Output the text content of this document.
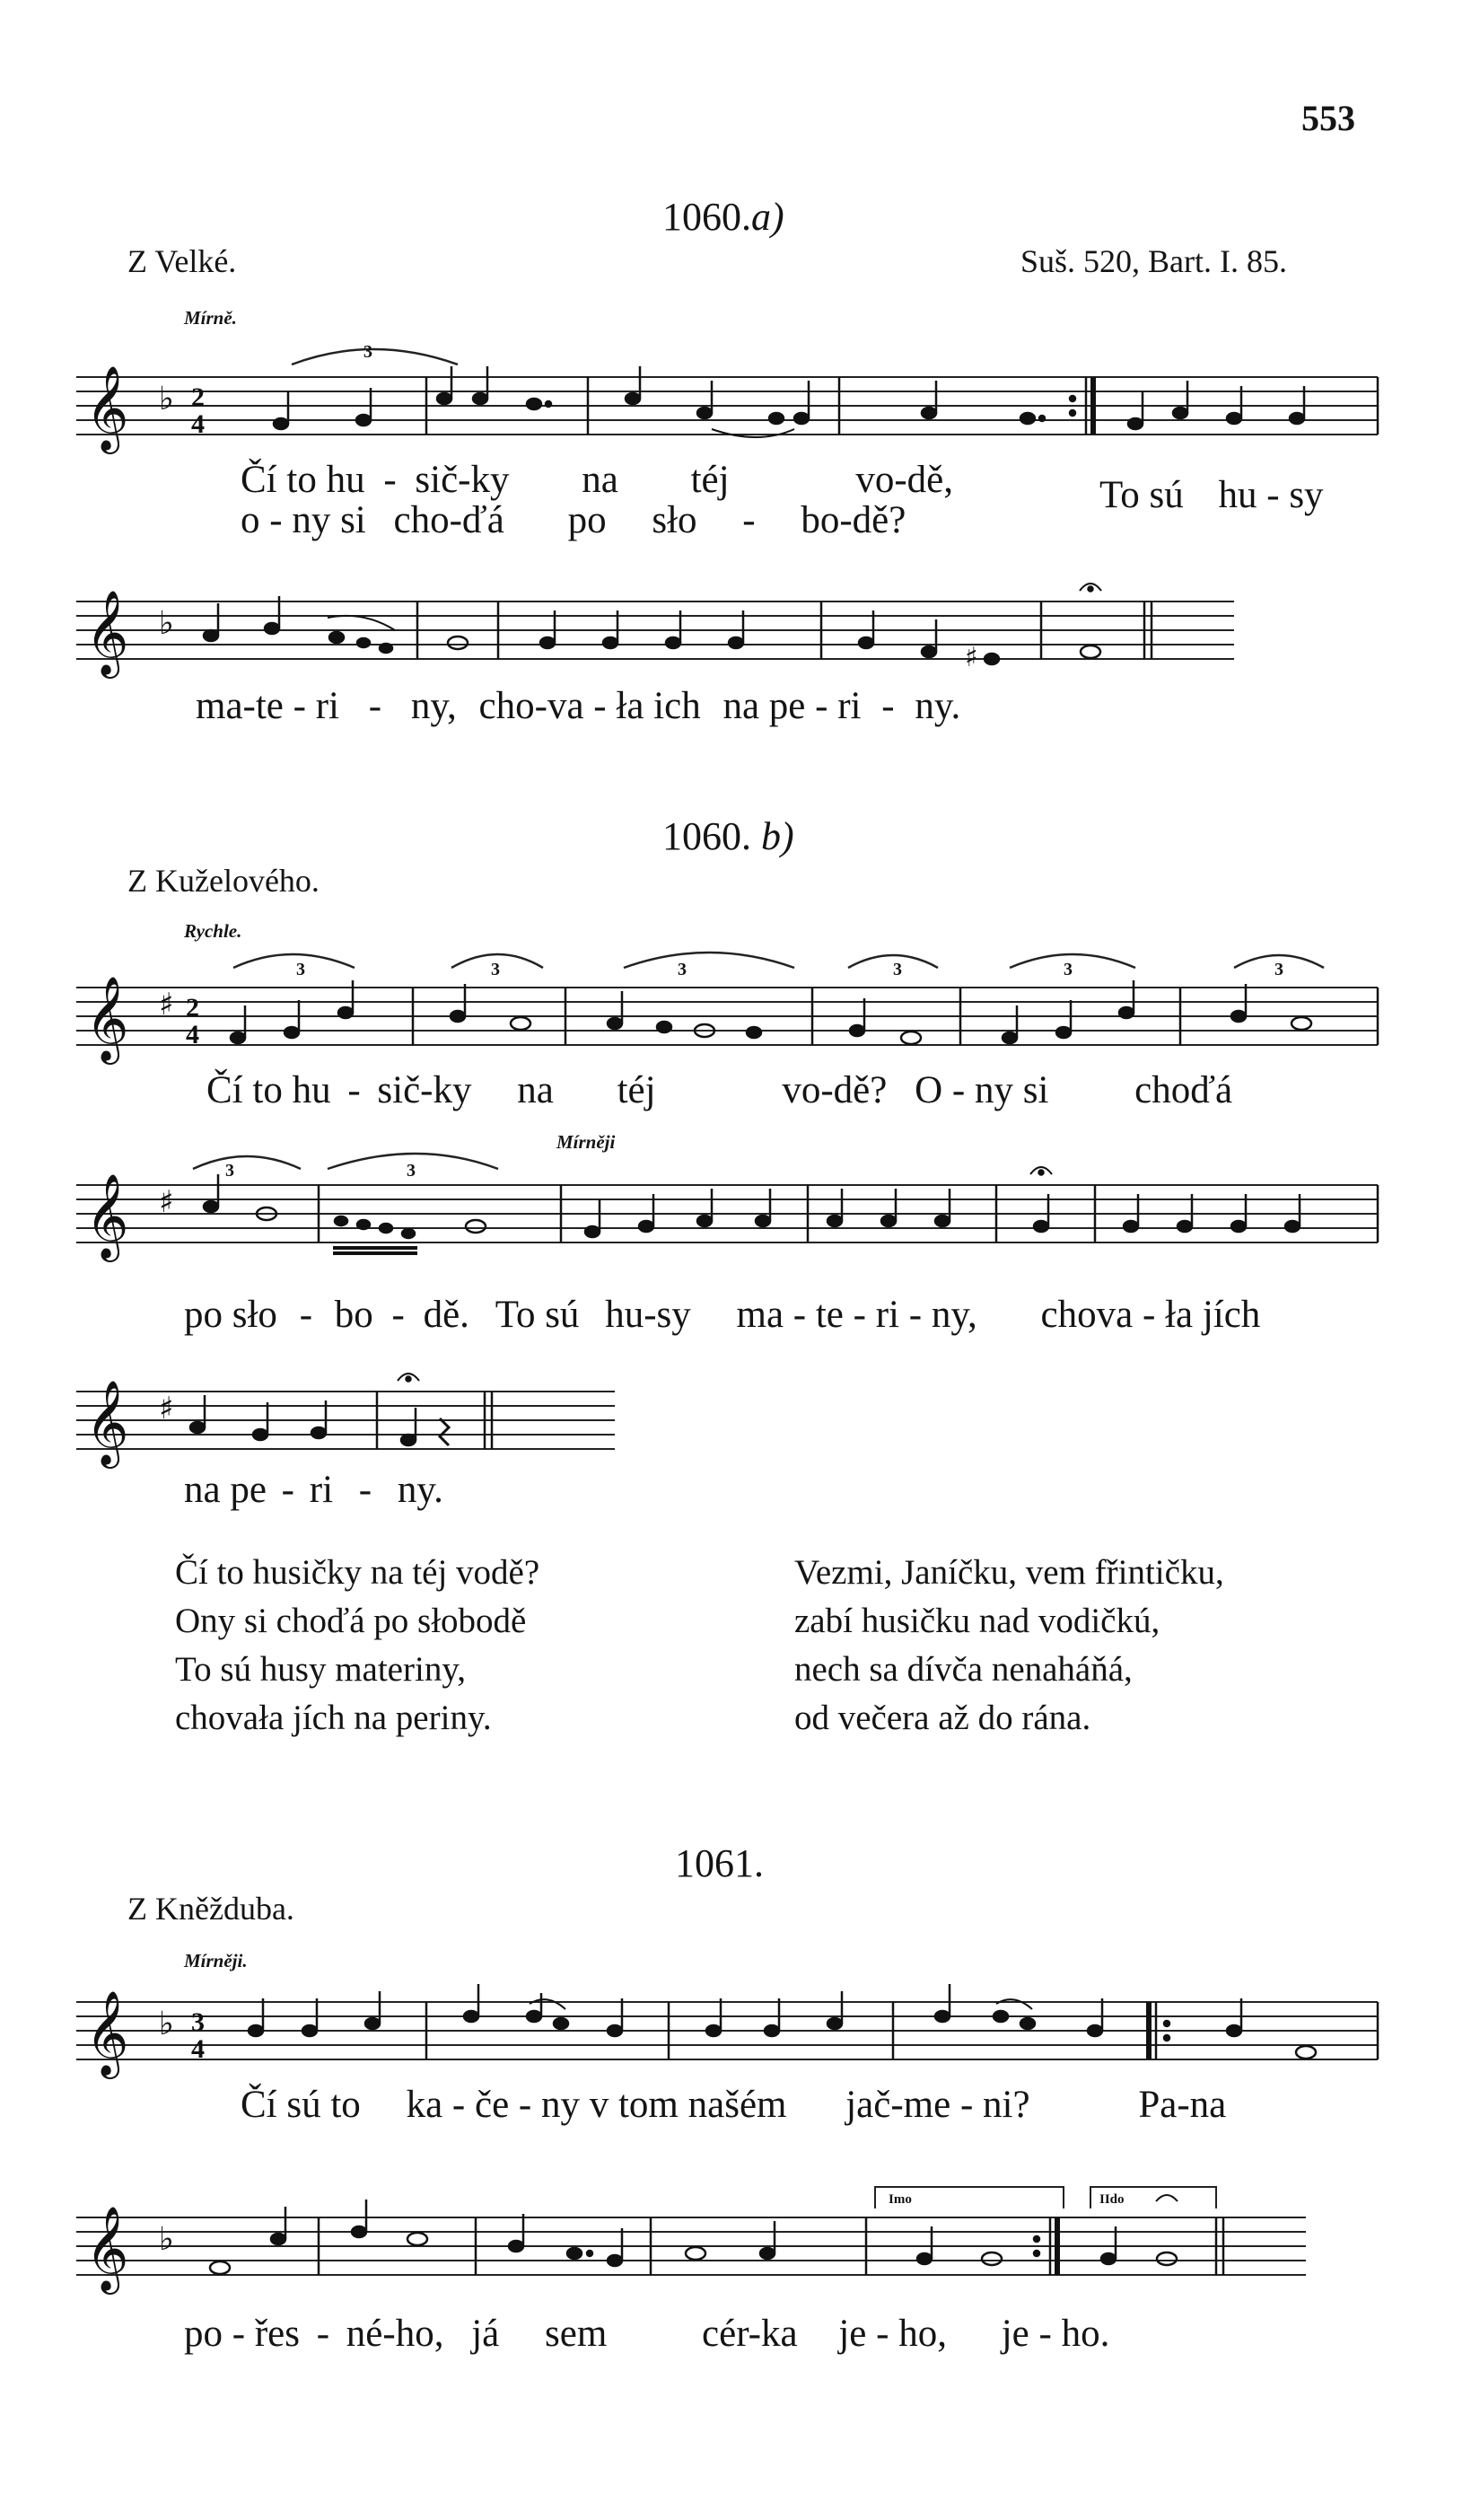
553
1060.a)
Z Velké.	Suš. 520, Bart. I. 85.
Mírně.
𝄞 ♭ 2
4
3
Čí to hu - sič-ky na téj	vo-dě,
o - ny si cho-ďá po sło - bo-dě?
To sú hu - sy
𝄞 ♭
♯
ma-te - ri - ny, cho-va - ła ich na pe - ri - ny.
1060. b)
Z Kuželového.
Rychle.
𝄞 ♯ 2
4
3	3	3	3	3	3
Čí to hu - sič-ky na téj	vo-dě? O - ny si choďá
Mírněji
𝄞 ♯
3	3
po sło - bo - dě. To sú hu-sy ma - te - ri - ny, chova - ła jích
𝄞 ♯
na pe - ri - ny.
Čí to husičky na téj vodě?
Ony si choďá po słobodě
To sú husy materiny,
chovała jích na periny.
Vezmi, Janíčku, vem fřintičku,
zabí husičku nad vodičkú,
nech sa dívča nenaháňá,
od večera až do rána.
1061.
Z Kněžduba.
Mírněji.
𝄞 ♭ 3
4
Čí sú to ka - če - ny v tom našém jač-me - ni?	Pa-na
𝄞 ♭
Imo	IIdo
po - řes - né-ho, já sem cér-ka je - ho, je - ho.
